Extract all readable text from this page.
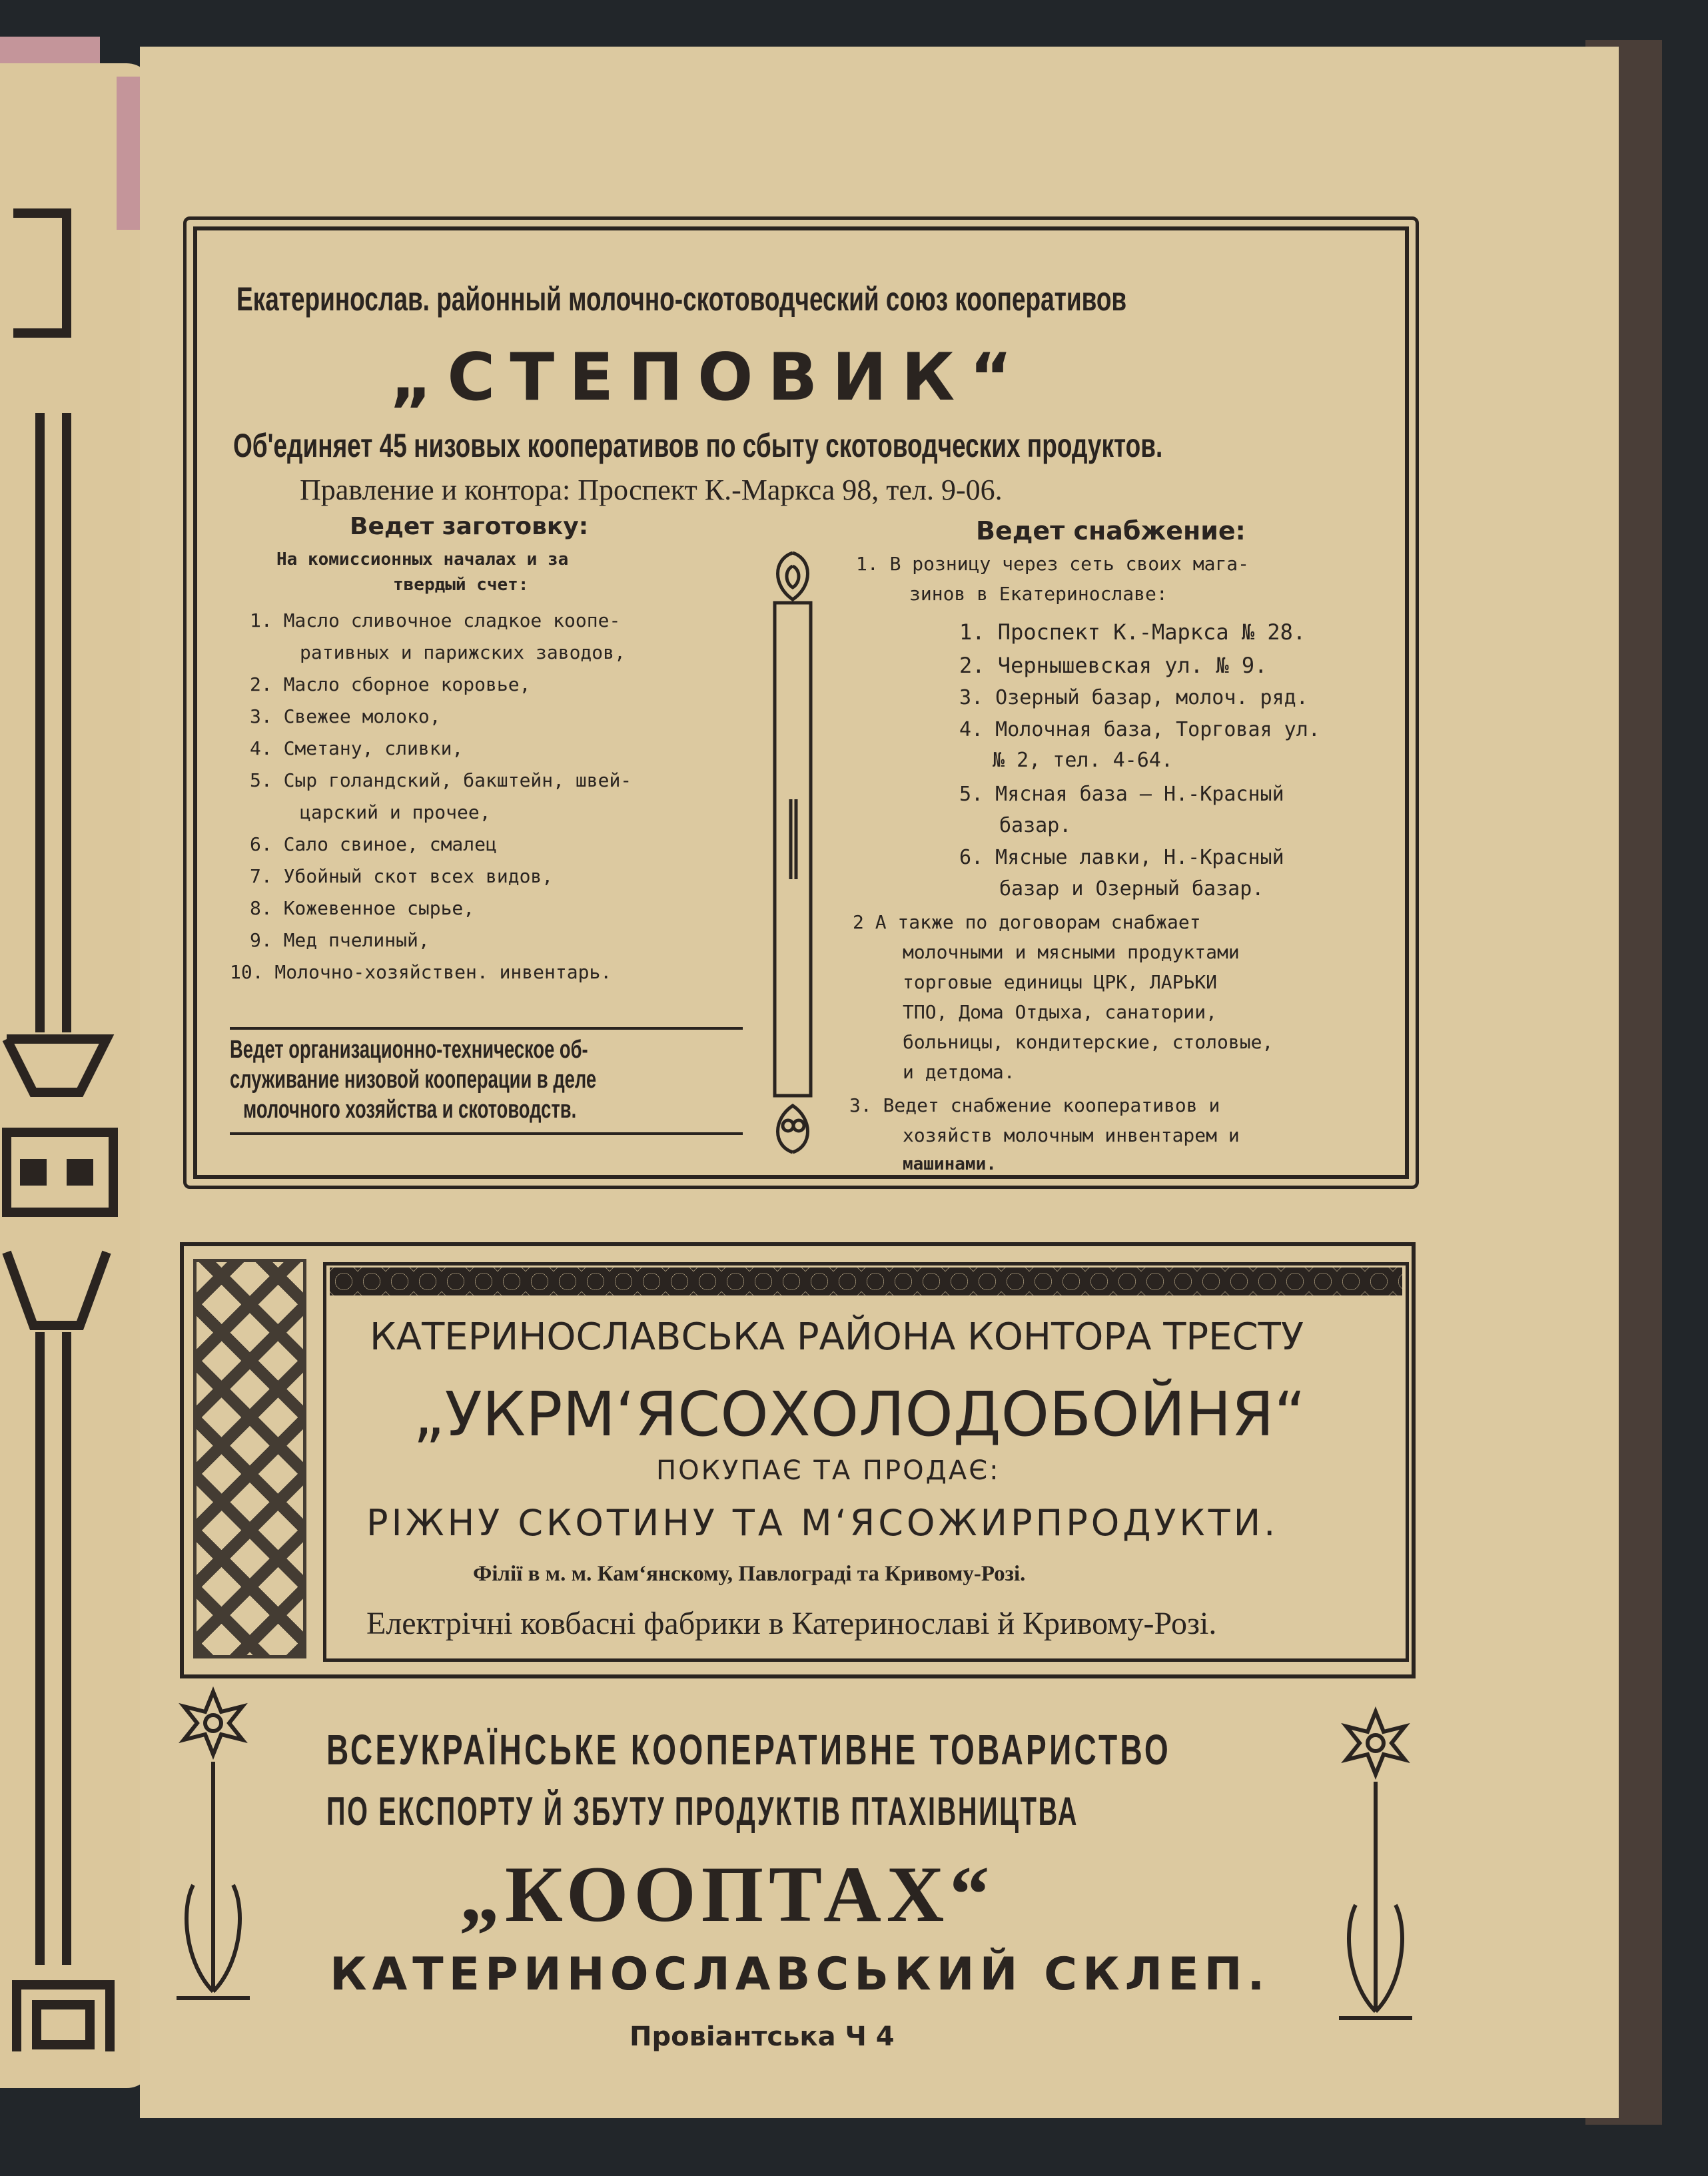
Екатеринослав. районный молочно-скотоводческий союз кооперативов
„СТЕПОВИК“
Об'единяет 45 низовых кооперативов по сбыту скотоводческих продуктов.
Правление и контора: Проспект К.-Маркса 98, тел. 9-06.
Ведет заготовку:
На комиссионных началах и за
твердый счет:
1. Масло сливочное сладкое коопе-
ративных и парижских заводов,
2. Масло сборное коровье,
3. Свежее молоко,
4. Сметану, сливки,
5. Сыр голандский, бакштейн, швей-
царский и прочее,
6. Сало свиное, смалец
7. Убойный скот всех видов,
8. Кожевенное сырье,
9. Мед пчелиный,
10. Молочно-хозяйствен. инвентарь.
Ведет организационно-техническое об-
служивание низовой кооперации в деле
молочного хозяйства и скотоводств.
Ведет снабжение:
1. В розницу через сеть своих мага-
зинов в Екатеринославе:
1. Проспект К.-Маркса № 28.
2. Чернышевская ул. № 9.
3. Озерный базар, молоч. ряд.
4. Молочная база, Торговая ул.
№ 2, тел. 4-64.
5. Мясная база — Н.-Красный
базар.
6. Мясные лавки, Н.-Красный
базар и Озерный базар.
2 А также по договорам снабжает
молочными и мясными продуктами
торговые единицы ЦРК, ЛАРЬКИ
ТПО, Дома Отдыха, санатории,
больницы, кондитерские, столовые,
и детдома.
3. Ведет снабжение кооперативов и
хозяйств молочным инвентарем и
машинами.
КАТЕРИНОСЛАВСЬКА РАЙОНА КОНТОРА ТРЕСТУ
„УКРМ‘ЯСОХОЛОДОБОЙНЯ“
ПОКУПАЄ ТА ПРОДАЄ:
РІЖНУ СКОТИНУ ТА М‘ЯСОЖИРПРОДУКТИ.
Філії в м. м. Кам‘янскому, Павлограді та Кривому-Розі.
Електрічні ковбасні фабрики в Катеринославі й Кривому-Розі.
ВСЕУКРАЇНСЬКЕ КООПЕРАТИВНЕ ТОВАРИСТВО
ПО ЕКСПОРТУ Й ЗБУТУ ПРОДУКТІВ ПТАХІВНИЦТВА
„КООПТАХ“
КАТЕРИНОСЛАВСЬКИЙ СКЛЕП.
Провіантська Ч 4
